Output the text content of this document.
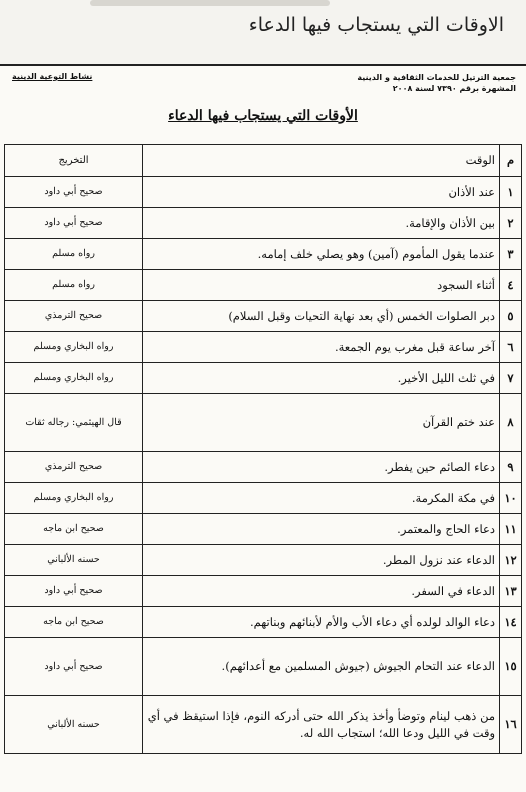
الاوقات التي يستجاب فيها الدعاء
جمعية الترتيل للخدمات الثقافية و الدينية
المشهرة برقم ٧٣٩٠ لسنة ٢٠٠٨
نشاط التوعية الدينية
الأوقات التي يستجاب فيها الدعاء
م	الوقت	التخريج
١	عند الأذان	صحيح أبي داود
٢	بين الأذان والإقامة.	صحيح أبي داود
٣	عندما يقول المأموم (آمين) وهو يصلي خلف إمامه.	رواه مسلم
٤	أثناء السجود	رواه مسلم
٥	دبر الصلوات الخمس (أي بعد نهاية التحيات وقبل السلام)	صحيح الترمذي
٦	آخر ساعة قبل مغرب يوم الجمعة.	رواه البخاري ومسلم
٧	في ثلث الليل الأخير.	رواه البخاري ومسلم
٨	عند ختم القرآن	قال الهيثمي: رجاله ثقات
٩	دعاء الصائم حين يفطر.	صحيح الترمذي
١٠	في مكة المكرمة.	رواه البخاري ومسلم
١١	دعاء الحاج والمعتمر.	صحيح ابن ماجه
١٢	الدعاء عند نزول المطر.	حسنه الألباني
١٣	الدعاء في السفر.	صحيح أبي داود
١٤	دعاء الوالد لولده أي دعاء الأب والأم لأبنائهم وبناتهم.	صحيح ابن ماجه
١٥	الدعاء عند التحام الجيوش (جيوش المسلمين مع أعدائهم).	صحيح أبي داود
١٦	من ذهب لينام وتوضأ وأخذ يذكر الله حتى أدركه النوم، فإذا استيقظ في أي وقت في الليل ودعا الله؛ استجاب الله له.	حسنه الألباني
